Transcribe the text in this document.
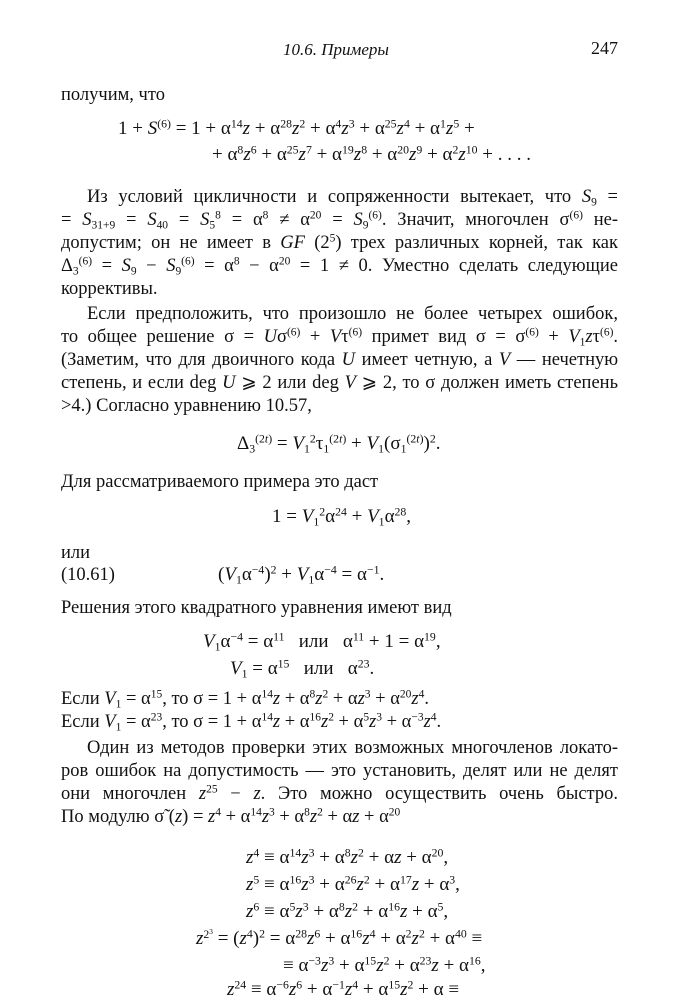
10.6. Примеры	247
получим, что
$1 + S^{(6)} = 1 + \alpha^{14}z + \alpha^{28}z^2 + \alpha^4z^3 + \alpha^{25}z^4 + \alpha^1z^5$ +
+ $\alpha^8z^6 + \alpha^{25}z^7 + \alpha^{19}z^8 + \alpha^{20}z^9 + \alpha^2z^{10}$ + . . . .
Из условий цикличности и сопряженности вытекает, что $S_9$ =
= $S_{31+9} = S_{40} = S_5^8 = \alpha^8 \ne \alpha^{20} = S_9^{(6)}$. Значит, многочлен $\sigma^{(6)}$ не-
допустим; он не имеет в GF $(2^5)$ трех различных корней, так как
$\Delta_3^{(6)} = S_9 - S_9^{(6)} = \alpha^8 - \alpha^{20} = 1 \ne 0$. Уместно сделать следующие
коррективы.
Если предположить, что произошло не более четырех ошибок,
то общее решение $\sigma = U\sigma^{(6)} + V\tau^{(6)}$ примет вид $\sigma = \sigma^{(6)} + V_1z\tau^{(6)}$.
(Заметим, что для двоичного кода U имеет четную, а V — нечетную
степень, и если deg U ⩾ 2 или deg V ⩾ 2, то σ должен иметь степень
>4.) Согласно уравнению 10.57,
$\Delta_3^{(2t)} = V_1^2\tau_1^{(2t)} + V_1(\sigma_1^{(2t)})^2$.
Для рассматриваемого примера это даст
$1 = V_1^2\alpha^{24} + V_1\alpha^{28}$,
или
(10.61)	$(V_1\alpha^{-4})^2 + V_1\alpha^{-4} = \alpha^{-1}$.
Решения этого квадратного уравнения имеют вид
$V_1\alpha^{-4} = \alpha^{11}$ или   $\alpha^{11} + 1 = \alpha^{19}$,
$V_1 = \alpha^{15}$ или   $\alpha^{23}$.
Если $V_1 = \alpha^{15}$, то $\sigma = 1 + \alpha^{14}z + \alpha^8z^2 + \alpha z^3 + \alpha^{20}z^4$.
Если $V_1 = \alpha^{23}$, то $\sigma = 1 + \alpha^{14}z + \alpha^{16}z^2 + \alpha^5z^3 + \alpha^{-3}z^4$.
Один из методов проверки этих возможных многочленов локато-
ров ошибок на допустимость — это установить, делят или не делят
они многочлен $z^{25} - z$. Это можно осуществить очень быстро.
По модулю σ̃ $(z) = z^4 + \alpha^{14}z^3 + \alpha^8z^2 + \alpha z + \alpha^{20}$
$z^4 \equiv \alpha^{14}z^3 + \alpha^8z^2 + \alpha z + \alpha^{20}$,
$z^5 \equiv \alpha^{16}z^3 + \alpha^{26}z^2 + \alpha^{17}z + \alpha^3$,
$z^6 \equiv \alpha^5z^3 + \alpha^8z^2 + \alpha^{16}z + \alpha^5$,
$z^{2^3} = (z^4)^2 = \alpha^{28}z^6 + \alpha^{16}z^4 + \alpha^2z^2 + \alpha^{40}$ ≡
≡ $\alpha^{-3}z^3 + \alpha^{15}z^2 + \alpha^{23}z + \alpha^{16}$,
$z^{24} \equiv \alpha^{-6}z^6 + \alpha^{-1}z^4 + \alpha^{15}z^2 + \alpha$ ≡
